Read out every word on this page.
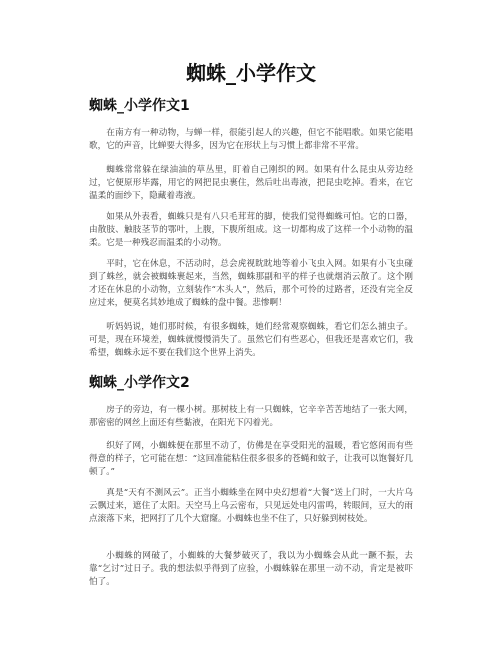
蜘蛛_小学作文
蜘蛛_小学作文1

在南方有一种动物，与蝉一样，很能引起人的兴趣，但它不能唱歌。如果它能唱歌，它的声音，比蝉要大得多，因为它在形状上与习惯上都非常不平常。

蜘蛛常常躲在绿油油的草丛里，盯着自己刚织的网。如果有什么昆虫从旁边经过，它便原形毕露，用它的网把昆虫裹住，然后吐出毒液，把昆虫吃掉。看来，在它温柔的面纱下，隐藏着毒液。

如果从外表看，蜘蛛只是有八只毛茸茸的脚，使我们觉得蜘蛛可怕。它的口器，由散肢、触肢茎节的鄂叶，上腹，下腹所组成。这一切都构成了这样一个小动物的温柔。它是一种残忍而温柔的小动物。

平时，它在休息，不活动时，总会虎视眈眈地等着小飞虫入网。如果有小飞虫碰到了蛛丝，就会被蜘蛛裹起来，当然，蜘蛛那副和平的样子也就烟消云散了。这个刚才还在休息的小动物，立刻装作“木头人”，然后，那个可怜的过路者，还没有完全反应过来，便莫名其妙地成了蜘蛛的盘中餐。悲惨啊！

听妈妈说，她们那时候，有很多蜘蛛，她们经常观察蜘蛛，看它们怎么捕虫子。可是，现在环境差，蜘蛛就慢慢消失了。虽然它们有些恶心，但我还是喜欢它们，我希望，蜘蛛永远不要在我们这个世界上消失。

蜘蛛_小学作文2

房子的旁边，有一棵小树。那树枝上有一只蜘蛛，它辛辛苦苦地结了一张大网，那密密的网丝上面还有些黏液，在阳光下闪着光。

织好了网，小蜘蛛便在那里不动了，仿佛是在享受阳光的温暖，看它悠闲而有些得意的样子，它可能在想：“这回准能粘住很多很多的苍蝇和蚊子，让我可以饱餐好几顿了。”

真是“天有不测风云”。正当小蜘蛛坐在网中央幻想着“大餐”送上门时，一大片乌云飘过来，遮住了太阳。天空马上乌云密布，只见远处电闪雷鸣，转眼间，豆大的雨点滚落下来，把网打了几个大窟窿。小蜘蛛也坐不住了，只好躲到树枝处。

小蜘蛛的网破了，小蜘蛛的大餐梦破灭了，我以为小蜘蛛会从此一蹶不振，去靠“乞讨”过日子。我的想法似乎得到了应验，小蜘蛛躲在那里一动不动，肯定是被吓怕了。
